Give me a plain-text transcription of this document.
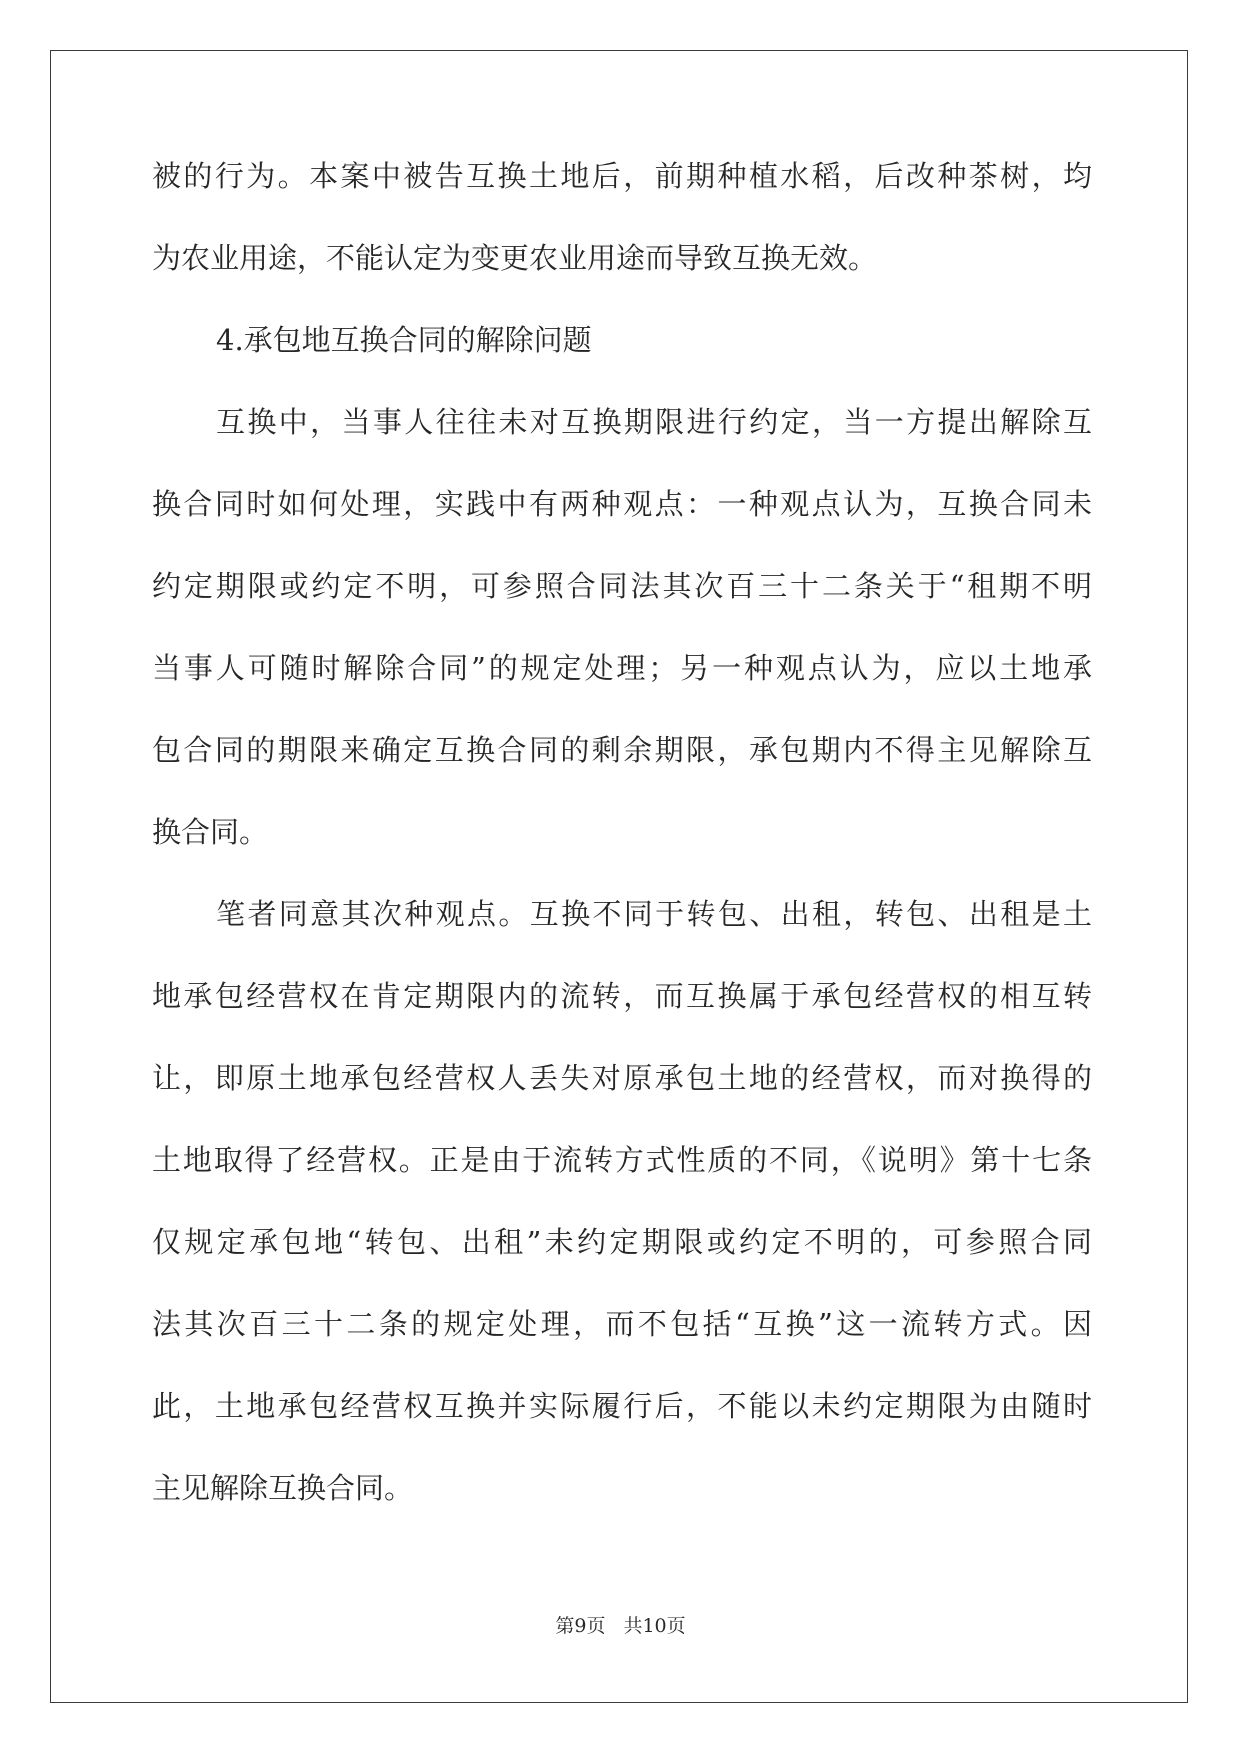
被的行为。本案中被告互换土地后，前期种植水稻，后改种茶树，均
为农业用途，不能认定为变更农业用途而导致互换无效。
4.承包地互换合同的解除问题
互换中，当事人往往未对互换期限进行约定，当一方提出解除互
换合同时如何处理，实践中有两种观点：一种观点认为，互换合同未
约定期限或约定不明，可参照合同法其次百三十二条关于“租期不明
当事人可随时解除合同”的规定处理；另一种观点认为，应以土地承
包合同的期限来确定互换合同的剩余期限，承包期内不得主见解除互
换合同。
笔者同意其次种观点。互换不同于转包、出租，转包、出租是土
地承包经营权在肯定期限内的流转，而互换属于承包经营权的相互转
让，即原土地承包经营权人丢失对原承包土地的经营权，而对换得的
土地取得了经营权。正是由于流转方式性质的不同，《说明》第十七条
仅规定承包地“转包、出租”未约定期限或约定不明的，可参照合同
法其次百三十二条的规定处理，而不包括“互换”这一流转方式。因
此，土地承包经营权互换并实际履行后，不能以未约定期限为由随时
主见解除互换合同。
第9页 共10页
